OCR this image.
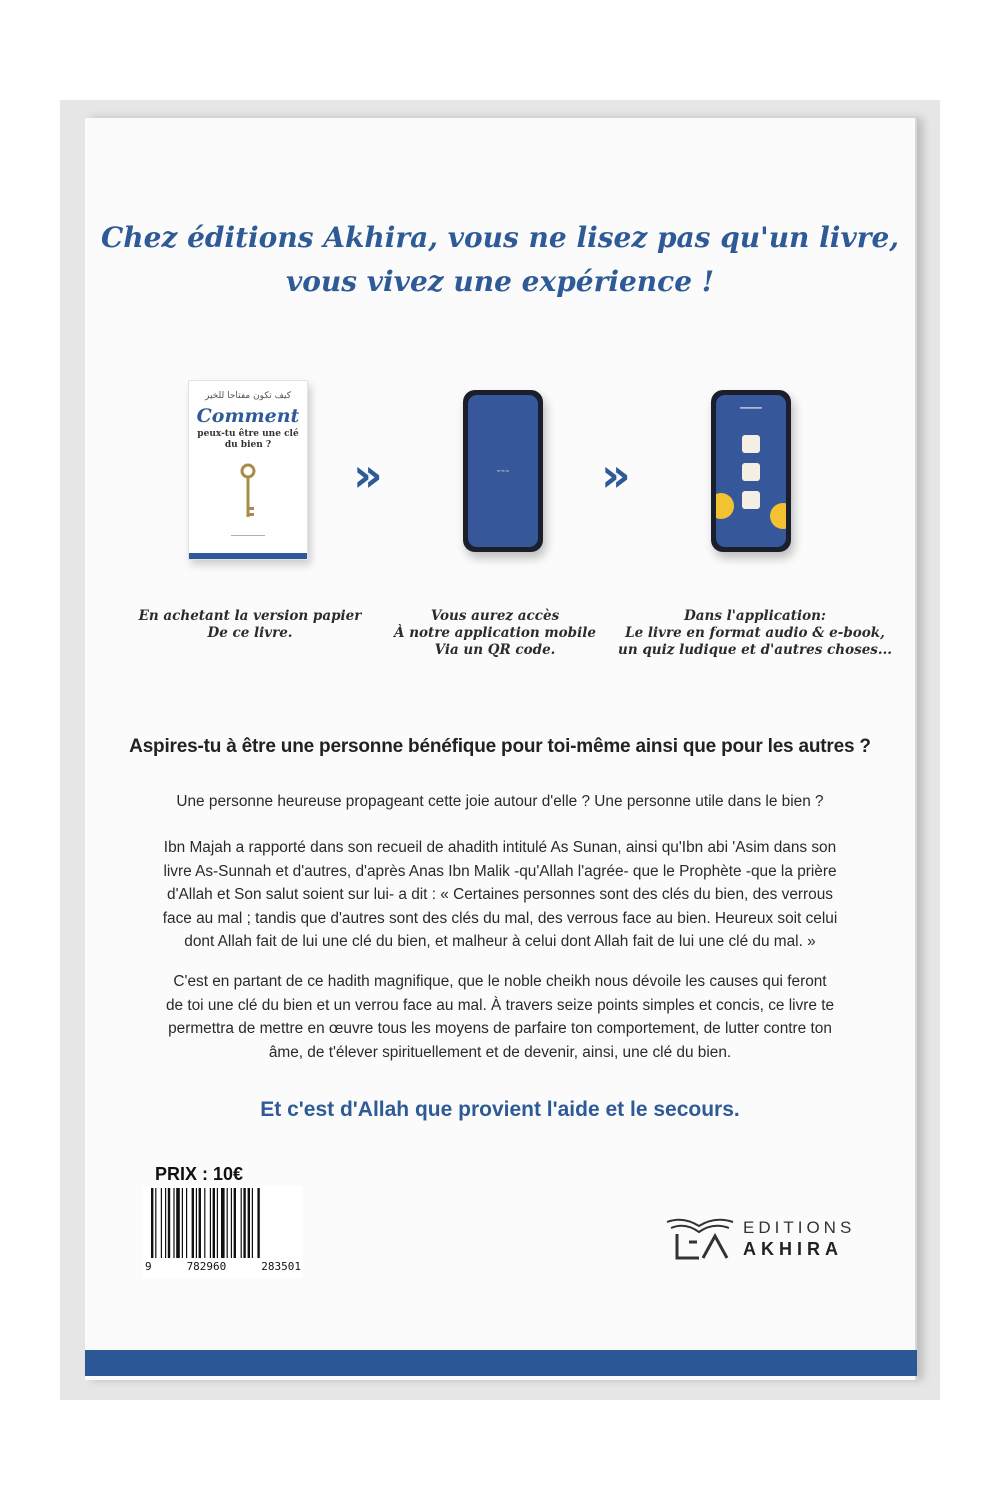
Chez éditions Akhira, vous ne lisez pas qu'un livre,
vous vivez une expérience !
كيف تكون مفتاحا للخير
Comment
peux-tu être une clé
du bien ?
────────
»	⌁⌁⌁	»
━━━━━━
En achetant la version papier
De ce livre.
Vous aurez accès
À notre application mobile
Via un QR code.
Dans l'application:
Le livre en format audio & e-book,
un quiz ludique et d'autres choses...
Aspires-tu à être une personne bénéfique pour toi-même ainsi que pour les autres ?
Une personne heureuse propageant cette joie autour d'elle ? Une personne utile dans le bien ?
Ibn Majah a rapporté dans son recueil de ahadith intitulé As Sunan, ainsi qu'Ibn abi 'Asim dans son
livre As-Sunnah et d'autres, d'après Anas Ibn Malik -qu'Allah l'agrée- que le Prophète -que la prière
d'Allah et Son salut soient sur lui- a dit : « Certaines personnes sont des clés du bien, des verrous
face au mal ; tandis que d'autres sont des clés du mal, des verrous face au bien. Heureux soit celui
dont Allah fait de lui une clé du bien, et malheur à celui dont Allah fait de lui une clé du mal. »
C'est en partant de ce hadith magnifique, que le noble cheikh nous dévoile les causes qui feront
de toi une clé du bien et un verrou face au mal. À travers seize points simples et concis, ce livre te
permettra de mettre en œuvre tous les moyens de parfaire ton comportement, de lutter contre ton
âme, de t'élever spirituellement et de devenir, ainsi, une clé du bien.
Et c'est d'Allah que provient l'aide et le secours.
PRIX : 10€
9	782960	283501
EDITIONS
AKHIRA
